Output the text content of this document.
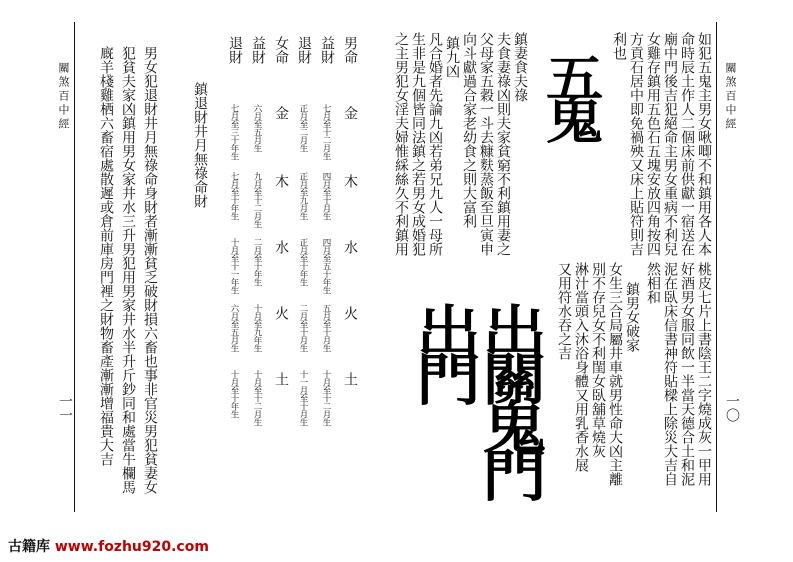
關煞百中經
一一	男女犯退財井月無祿命身財者漸漸貧乏破財損六畜也事非官災男犯貧妻女
犯貧夫家凶鎮用男女家井水三升男犯用男家井水半升斤鈔同和處當牛欄馬
廐羊棧雞栖六畜宿處散遲或倉前庫房門裡之財物畜產漸漸增福貴大吉	鎮退財井月無祿命財
男命
益財
退財
女命
益財
退財
金
木
水
火
土
七月至十二月生
四月至十月生
四月至五十年生
五月至十月生
十月至十二月生
正月至二月生
正月至九月生
正月至十年生
二月至十月生
十一月至十月生
金
木
水
火
土
六月至五月生
九月至十二月生
二月至十年生
十月至九年生
十月至十二月生
七月至三十年生
七月至十年生
十月至十一年生
六月至五月生
十月至十年生
關煞百中經
一〇
如犯五鬼主男女啾唧不和鎮用各人本
命時辰土作人二個床前供獻一宿送在
廟中門後吉犯絕命主男女重病不利兒
女雞存鎮用五色石五塊安放四角按四
方貢石居中即免禍殃又床上貼符則吉
利也
五鬼
鎮妻食夫祿
夫食妻祿凶則夫家貧窮不利鎮用妻之
父母家五穀一斗去糠麩蒸飯至旦寅申
向斗獻過合家老幼食之則大富利
鎮九凶
凡合婚者先論九凶若弟兄九人一母所
生非是九個皆同法鎮之若男女成婚犯
之主男犯女淫夫婦惟綵絲久不利鎮用
桃皮七片上書陰王二字燒成灰一甲用
好酒男女服同飲一半當天德合土和泥
泥在臥床信書神符貼樑上除災大吉自
然相和
鎮男女破家
女生三合局屬井車就男性命大凶主離
別不存兒女不利閨女臥舖草燒灰
淋汁當頭入沐浴身體又用乳香水展
又用符水吞之吉
出關鬼門
出門
古籍库 www.fozhu920.com
